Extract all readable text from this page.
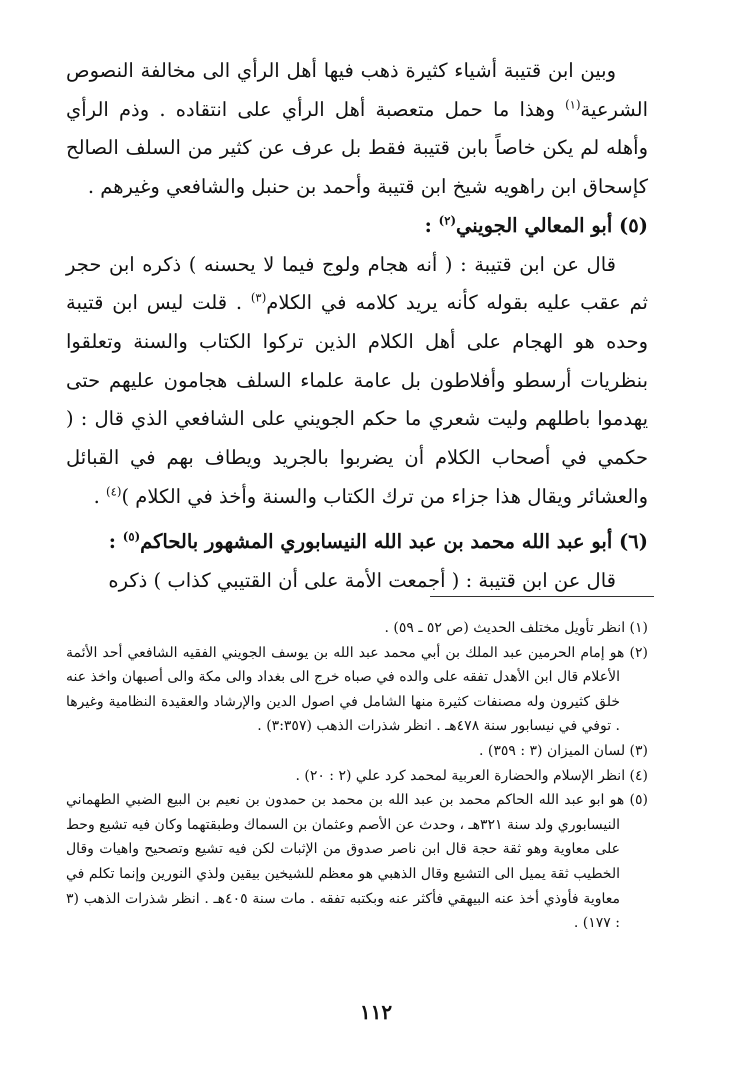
وبين ابن قتيبة أشياء كثيرة ذهب فيها أهل الرأي الى مخالفة النصوص الشرعية$^{(١)}$ وهذا ما حمل متعصبة أهل الرأي على انتقاده . وذم الرأي وأهله لم يكن خاصاً بابن قتيبة فقط بل عرف عن كثير من السلف الصالح كإسحاق ابن راهويه شيخ ابن قتيبة وأحمد بن حنبل والشافعي وغيرهم .

(٥) أبو المعالي الجويني$^{(٢)}$ :

قال عن ابن قتيبة : ( أنه هجام ولوج فيما لا يحسنه ) ذكره ابن حجر ثم عقب عليه بقوله كأنه يريد كلامه في الكلام$^{(٣)}$ . قلت ليس ابن قتيبة وحده هو الهجام على أهل الكلام الذين تركوا الكتاب والسنة وتعلقوا بنظريات أرسطو وأفلاطون بل عامة علماء السلف هجامون عليهم حتى يهدموا باطلهم وليت شعري ما حكم الجويني على الشافعي الذي قال : ( حكمي في أصحاب الكلام أن يضربوا بالجريد ويطاف بهم في القبائل والعشائر ويقال هذا جزاء من ترك الكتاب والسنة وأخذ في الكلام )$^{(٤)}$ .

(٦) أبو عبد الله محمد بن عبد الله النيسابوري المشهور بالحاكم$^{(٥)}$ :

قال عن ابن قتيبة : ( أجمعت الأمة على أن القتيبي كذاب ) ذكره

(١) انظر تأويل مختلف الحديث (ص ٥٢ ـ ٥٩) .

(٢) هو إمام الحرمين عبد الملك بن أبي محمد عبد الله بن يوسف الجويني الفقيه الشافعي أحد الأئمة الأعلام قال ابن الأهدل تفقه على والده في صباه خرج الى بغداد والى مكة والى أصبهان واخذ عنه خلق كثيرون وله مصنفات كثيرة منها الشامل في اصول الدين والإرشاد والعقيدة النظامية وغيرها . توفي في نيسابور سنة ٤٧٨هـ . انظر شذرات الذهب (٣:٣٥٧) .

(٣) لسان الميزان (٣ : ٣٥٩) .

(٤) انظر الإسلام والحضارة العربية لمحمد كرد علي (٢ : ٢٠) .

(٥) هو ابو عبد الله الحاكم محمد بن عبد الله بن محمد بن حمدون بن نعيم بن البيع الضبي الطهماني النيسابوري ولد سنة ٣٢١هـ ، وحدث عن الأصم وعثمان بن السماك وطبقتهما وكان فيه تشيع وحط على معاوية وهو ثقة حجة قال ابن ناصر صدوق من الإثبات لكن فيه تشيع وتصحيح واهيات وقال الخطيب ثقة يميل الى التشيع وقال الذهبي هو معظم للشيخين بيقين ولذي النورين وإنما تكلم في معاوية فأوذي أخذ عنه البيهقي فأكثر عنه وبكتبه تفقه . مات سنة ٤٠٥هـ . انظر شذرات الذهب (٣ : ١٧٧) .

١١٢
